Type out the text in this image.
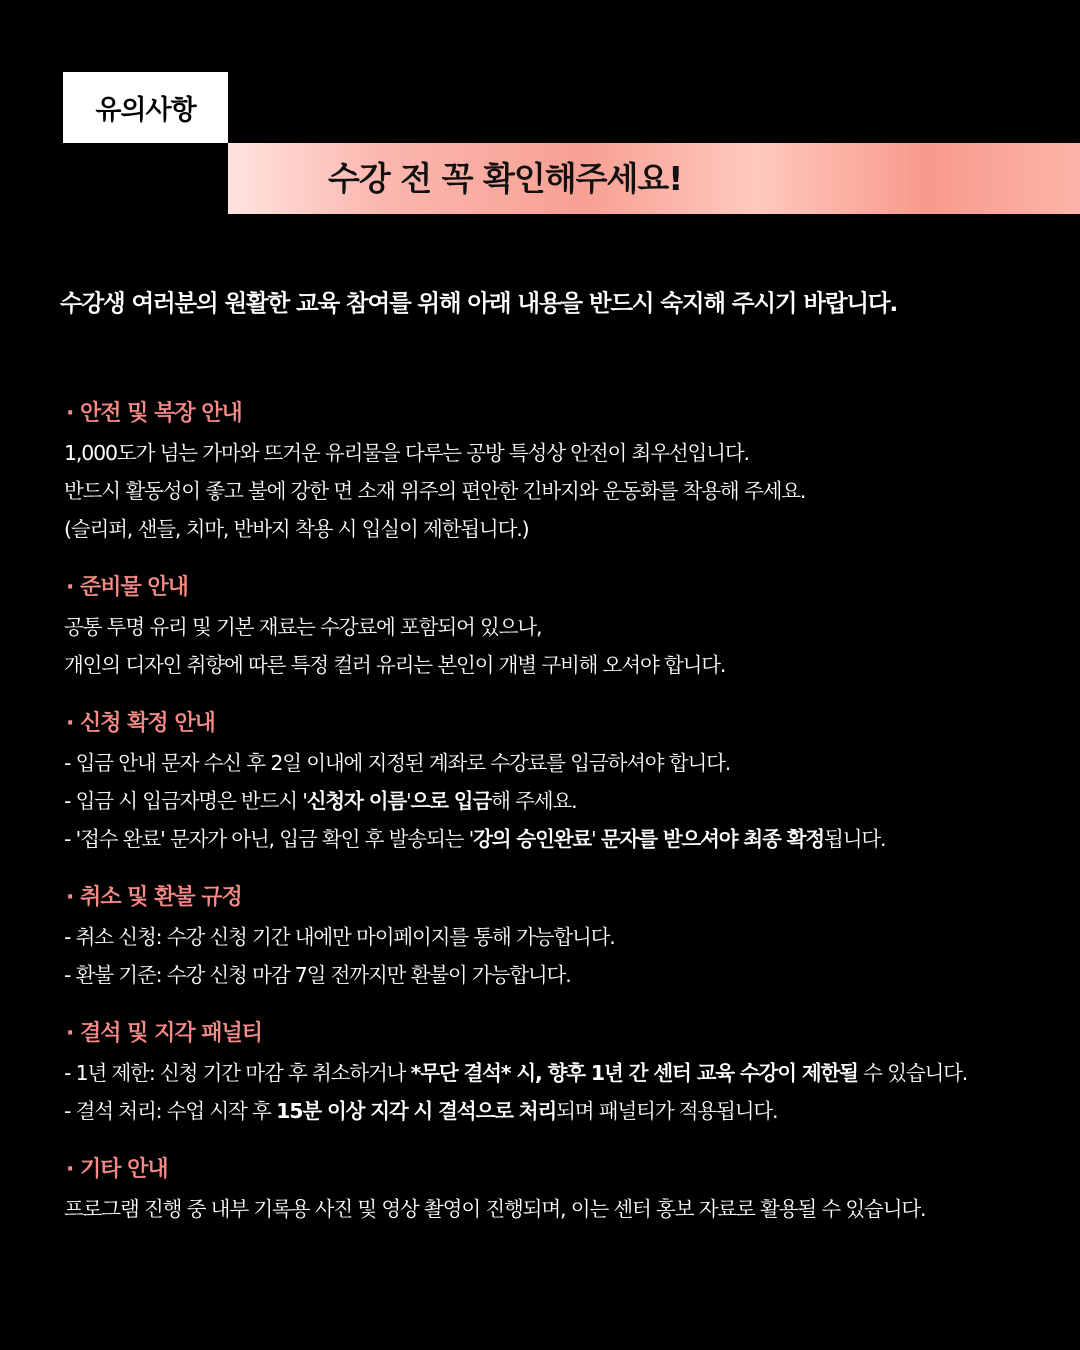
유의사항
수강 전 꼭 확인해주세요!
수강생 여러분의 원활한 교육 참여를 위해 아래 내용을 반드시 숙지해 주시기 바랍니다.
· 안전 및 복장 안내
1,000도가 넘는 가마와 뜨거운 유리물을 다루는 공방 특성상 안전이 최우선입니다.
반드시 활동성이 좋고 불에 강한 면 소재 위주의 편안한 긴바지와 운동화를 착용해 주세요.
(슬리퍼, 샌들, 치마, 반바지 착용 시 입실이 제한됩니다.)
· 준비물 안내
공통 투명 유리 및 기본 재료는 수강료에 포함되어 있으나,
개인의 디자인 취향에 따른 특정 컬러 유리는 본인이 개별 구비해 오셔야 합니다.
· 신청 확정 안내
- 입금 안내 문자 수신 후 2일 이내에 지정된 계좌로 수강료를 입금하셔야 합니다.
- 입금 시 입금자명은 반드시 '신청자 이름'으로 입금해 주세요.
- '접수 완료' 문자가 아닌, 입금 확인 후 발송되는 '강의 승인완료' 문자를 받으셔야 최종 확정됩니다.
· 취소 및 환불 규정
- 취소 신청: 수강 신청 기간 내에만 마이페이지를 통해 가능합니다.
- 환불 기준: 수강 신청 마감 7일 전까지만 환불이 가능합니다.
· 결석 및 지각 패널티
- 1년 제한: 신청 기간 마감 후 취소하거나 *무단 결석* 시, 향후 1년 간 센터 교육 수강이 제한될 수 있습니다.
- 결석 처리: 수업 시작 후 15분 이상 지각 시 결석으로 처리되며 패널티가 적용됩니다.
· 기타 안내
프로그램 진행 중 내부 기록용 사진 및 영상 촬영이 진행되며, 이는 센터 홍보 자료로 활용될 수 있습니다.
